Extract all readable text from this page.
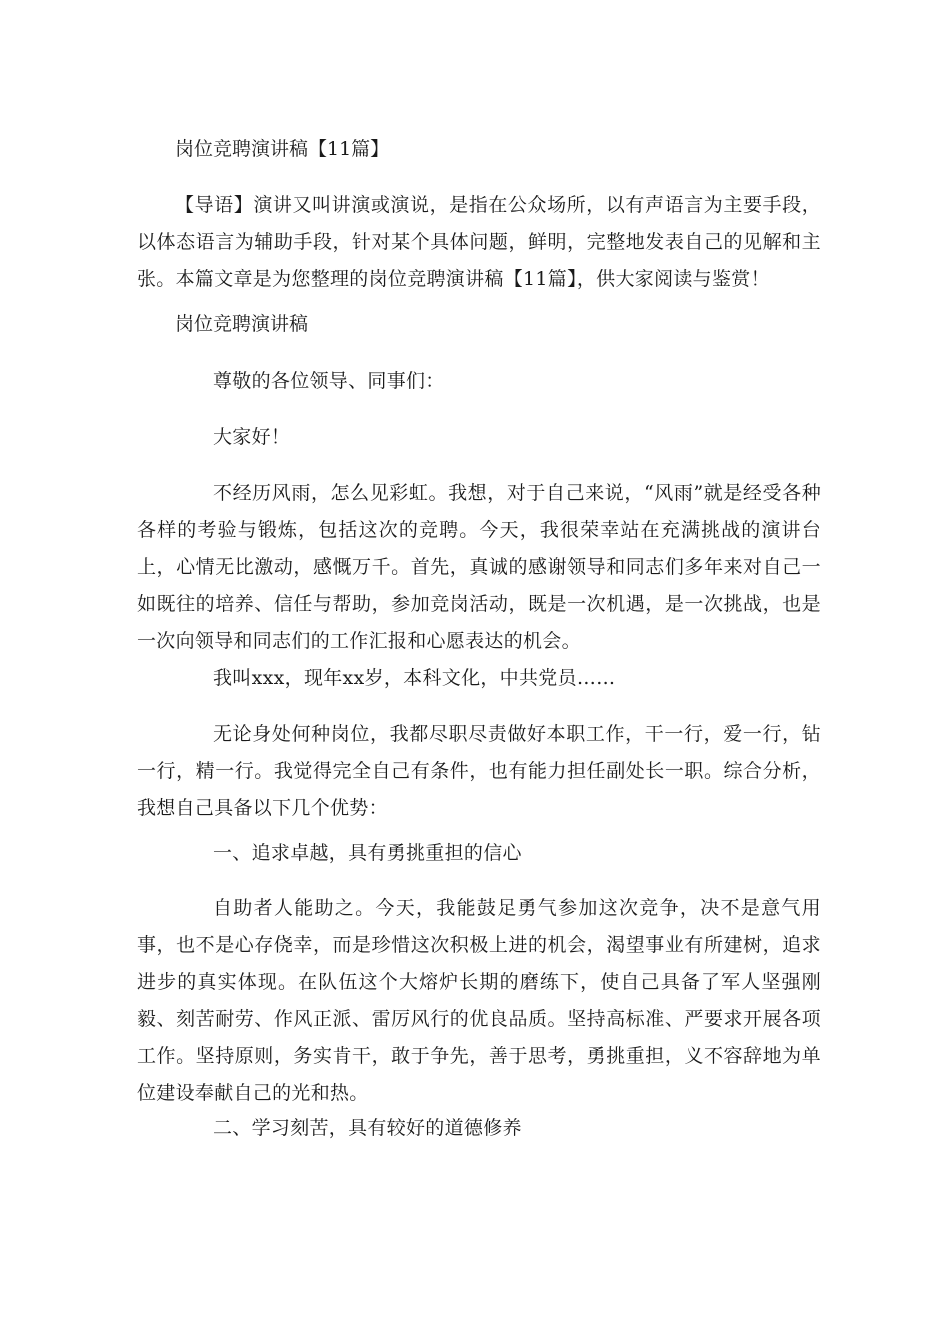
岗位竞聘演讲稿【11篇】

【导语】演讲又叫讲演或演说，是指在公众场所，以有声语言为主要手段，以体态语言为辅助手段，针对某个具体问题，鲜明，完整地发表自己的见解和主张。本篇文章是为您整理的岗位竞聘演讲稿【11篇】，供大家阅读与鉴赏！

岗位竞聘演讲稿

尊敬的各位领导、同事们：

大家好！

不经历风雨，怎么见彩虹。我想，对于自己来说，“风雨”就是经受各种各样的考验与锻炼，包括这次的竞聘。今天，我很荣幸站在充满挑战的演讲台上，心情无比激动，感慨万千。首先，真诚的感谢领导和同志们多年来对自己一如既往的培养、信任与帮助，参加竞岗活动，既是一次机遇，是一次挑战，也是一次向领导和同志们的工作汇报和心愿表达的机会。

我叫xxx，现年xx岁，本科文化，中共党员……

无论身处何种岗位，我都尽职尽责做好本职工作，干一行，爱一行，钻一行，精一行。我觉得完全自己有条件，也有能力担任副处长一职。综合分析，我想自己具备以下几个优势：

一、追求卓越，具有勇挑重担的信心

自助者人能助之。今天，我能鼓足勇气参加这次竞争，决不是意气用事，也不是心存侥幸，而是珍惜这次积极上进的机会，渴望事业有所建树，追求进步的真实体现。在队伍这个大熔炉长期的磨练下，使自己具备了军人坚强刚毅、刻苦耐劳、作风正派、雷厉风行的优良品质。坚持高标准、严要求开展各项工作。坚持原则，务实肯干，敢于争先，善于思考，勇挑重担，义不容辞地为单位建设奉献自己的光和热。

二、学习刻苦，具有较好的道德修养
